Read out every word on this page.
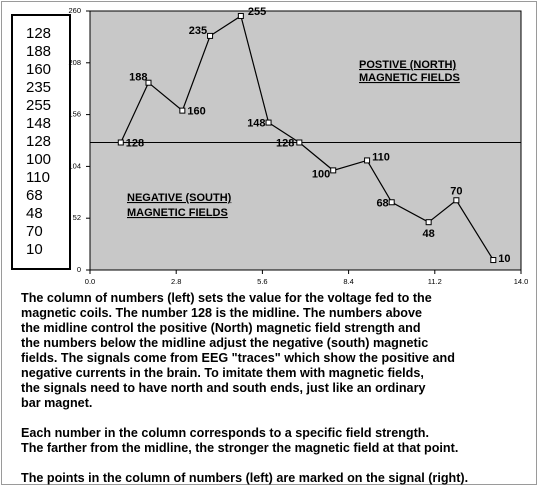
128
188
160
235
255
148
128
100
110
68
48
70
10
0
52
104
156
208
260
0.0	2.8	5.6	8.4	11.2	14.0
128
188
160
235
255
148
128
100
110
68
48
70
10
POSTIVE (NORTH)
MAGNETIC FIELDS
NEGATIVE (SOUTH)
MAGNETIC FIELDS

The column of numbers (left) sets the value for the voltage fed to the
magnetic coils. The number 128 is the midline. The numbers above
the midline control the positive (North) magnetic field strength and
the numbers below the midline adjust the negative (south) magnetic
fields. The signals come from EEG "traces" which show the positive and
negative currents in the brain. To imitate them with magnetic fields,
the signals need to have north and south ends, just like an ordinary
bar magnet.

Each number in the column corresponds to a specific field strength.
The farther from the midline, the stronger the magnetic field at that point.

The points in the column of numbers (left) are marked on the signal (right).
